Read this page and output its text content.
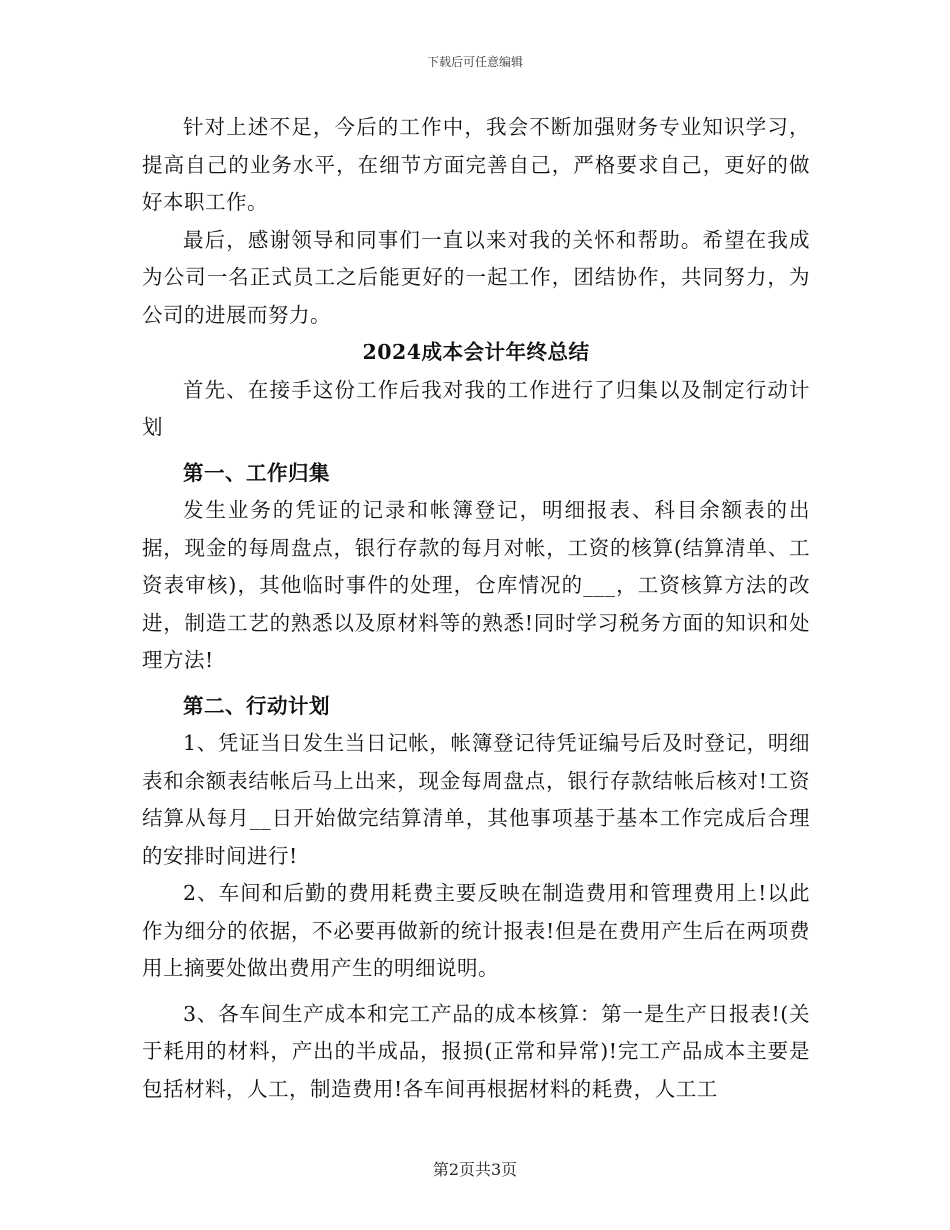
下载后可任意编辑

针对上述不足，今后的工作中，我会不断加强财务专业知识学习，提高自己的业务水平，在细节方面完善自己，严格要求自己，更好的做好本职工作。

最后，感谢领导和同事们一直以来对我的关怀和帮助。希望在我成为公司一名正式员工之后能更好的一起工作，团结协作，共同努力，为公司的进展而努力。

2024成本会计年终总结

首先、在接手这份工作后我对我的工作进行了归集以及制定行动计划

第一、工作归集

发生业务的凭证的记录和帐簿登记，明细报表、科目余额表的出据，现金的每周盘点，银行存款的每月对帐，工资的核算(结算清单、工资表审核)，其他临时事件的处理，仓库情况的___，工资核算方法的改进，制造工艺的熟悉以及原材料等的熟悉!同时学习税务方面的知识和处理方法!

第二、行动计划

1、凭证当日发生当日记帐，帐簿登记待凭证编号后及时登记，明细表和余额表结帐后马上出来，现金每周盘点，银行存款结帐后核对!工资结算从每月__日开始做完结算清单，其他事项基于基本工作完成后合理的安排时间进行!

2、车间和后勤的费用耗费主要反映在制造费用和管理费用上!以此作为细分的依据，不必要再做新的统计报表!但是在费用产生后在两项费用上摘要处做出费用产生的明细说明。

3、各车间生产成本和完工产品的成本核算：第一是生产日报表!(关于耗用的材料，产出的半成品，报损(正常和异常)!完工产品成本主要是包括材料，人工，制造费用!各车间再根据材料的耗费，人工工

第2页共3页
